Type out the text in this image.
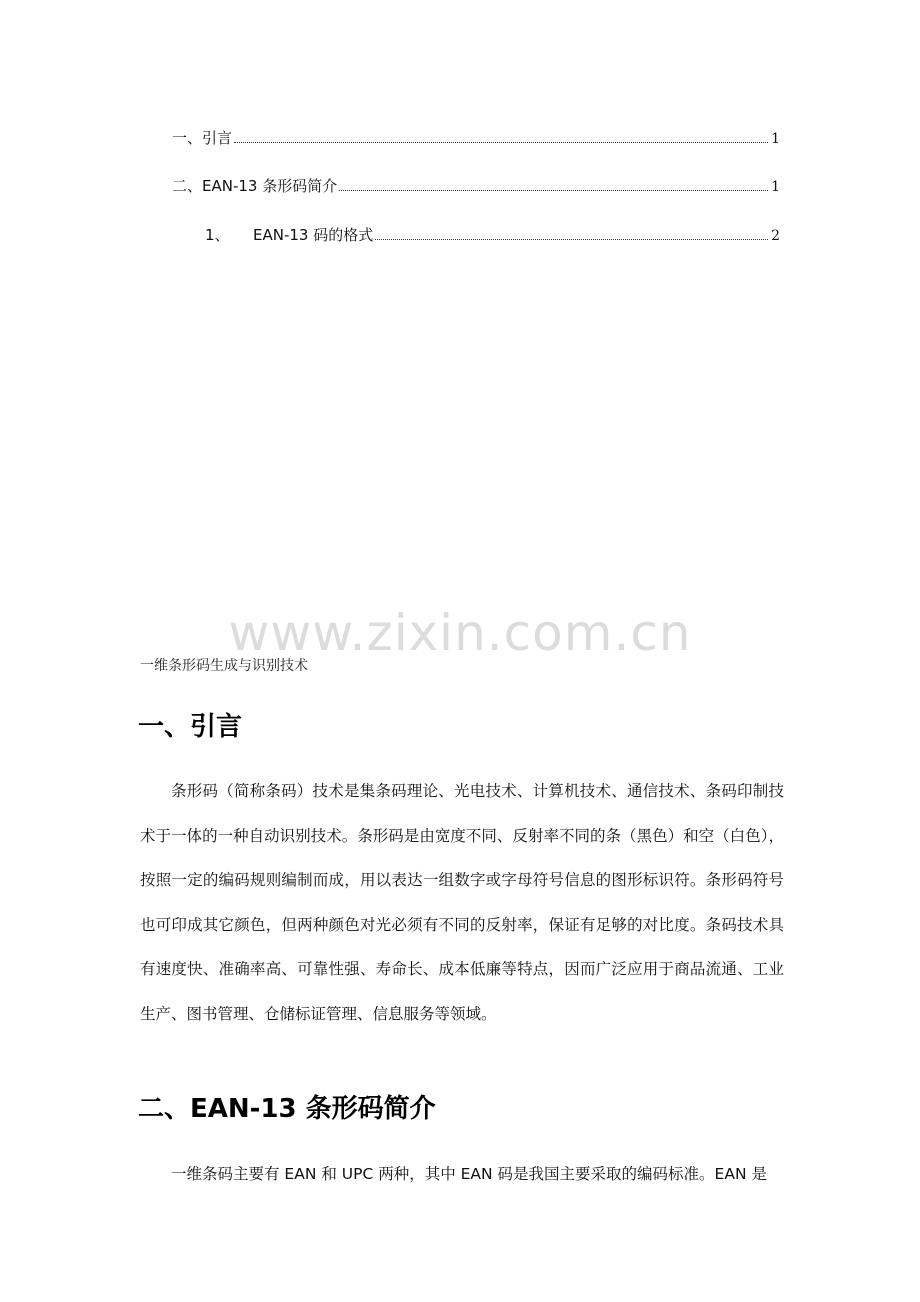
一、引言	1
二、EAN-13 条形码简介	1
1、	EAN-13 码的格式	2
www.zixin.com.cn
一维条形码生成与识别技术
一、引言
条形码（简称条码）技术是集条码理论、光电技术、计算机技术、通信技术、条码印制技术于一体的一种自动识别技术。条形码是由宽度不同、反射率不同的条（黑色）和空（白色），按照一定的编码规则编制而成，用以表达一组数字或字母符号信息的图形标识符。条形码符号也可印成其它颜色，但两种颜色对光必须有不同的反射率，保证有足够的对比度。条码技术具有速度快、准确率高、可靠性强、寿命长、成本低廉等特点，因而广泛应用于商品流通、工业生产、图书管理、仓储标证管理、信息服务等领域。
二、EAN-13 条形码简介
一维条码主要有 EAN 和 UPC 两种，其中 EAN 码是我国主要采取的编码标准。EAN 是
